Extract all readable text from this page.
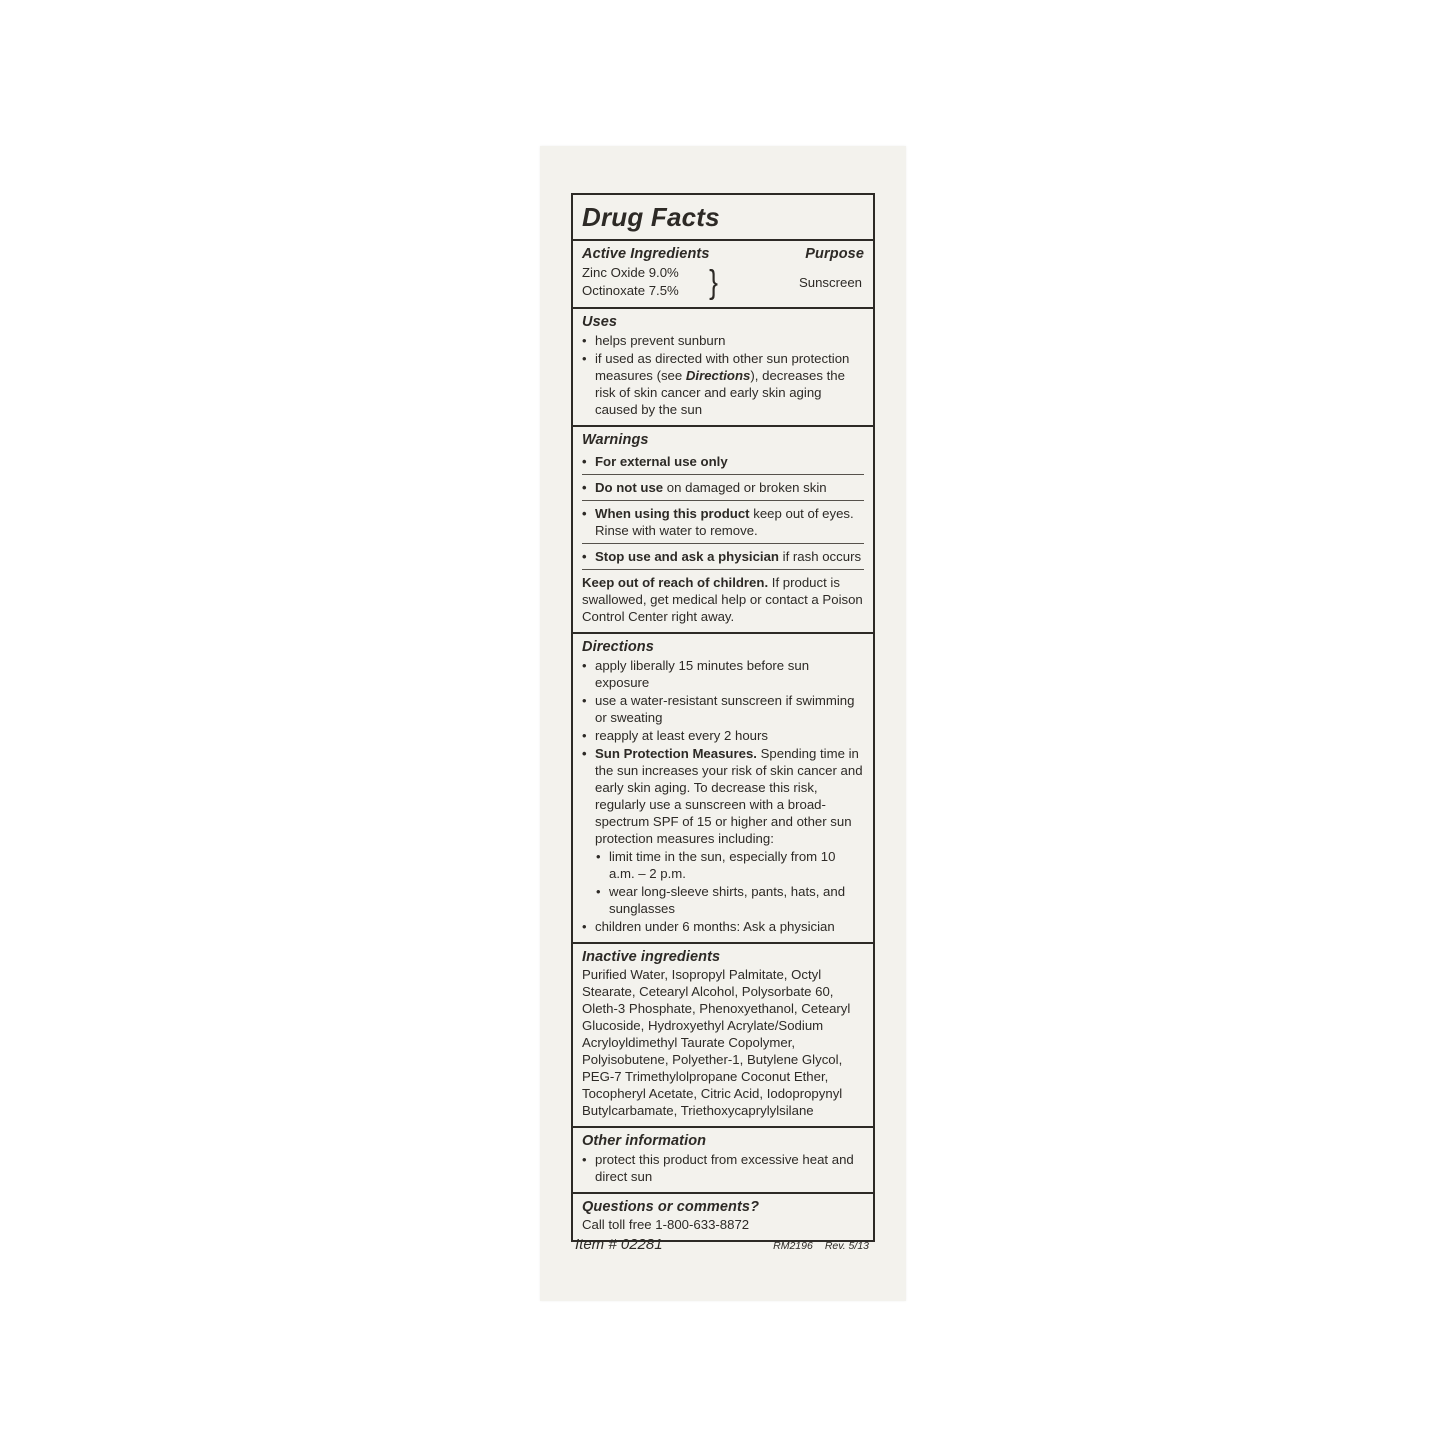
Drug Facts
Active Ingredients	Purpose
Zinc Oxide 9.0%
Octinoxate 7.5% }	Sunscreen
Uses
• helps prevent sunburn
• if used as directed with other sun protection measures (see Directions), decreases the risk of skin cancer and early skin aging caused by the sun
Warnings
• For external use only
• Do not use on damaged or broken skin
• When using this product keep out of eyes. Rinse with water to remove.
• Stop use and ask a physician if rash occurs
Keep out of reach of children. If product is swallowed, get medical help or contact a Poison Control Center right away.
Directions
• apply liberally 15 minutes before sun exposure
• use a water-resistant sunscreen if swimming or sweating
• reapply at least every 2 hours
• Sun Protection Measures. Spending time in the sun increases your risk of skin cancer and early skin aging. To decrease this risk, regularly use a sunscreen with a broad-spectrum SPF of 15 or higher and other sun protection measures including:
• limit time in the sun, especially from 10 a.m. – 2 p.m.
• wear long-sleeve shirts, pants, hats, and sunglasses
• children under 6 months: Ask a physician
Inactive ingredients
Purified Water, Isopropyl Palmitate, Octyl Stearate, Cetearyl Alcohol, Polysorbate 60, Oleth-3 Phosphate, Phenoxyethanol, Cetearyl Glucoside, Hydroxyethyl Acrylate/Sodium Acryloyldimethyl Taurate Copolymer, Polyisobutene, Polyether-1, Butylene Glycol, PEG-7 Trimethylolpropane Coconut Ether, Tocopheryl Acetate, Citric Acid, Iodopropynyl Butylcarbamate, Triethoxycaprylylsilane
Other information
• protect this product from excessive heat and direct sun
Questions or comments?
Call toll free 1-800-633-8872
Item # 02281	RM2196 Rev. 5/13
